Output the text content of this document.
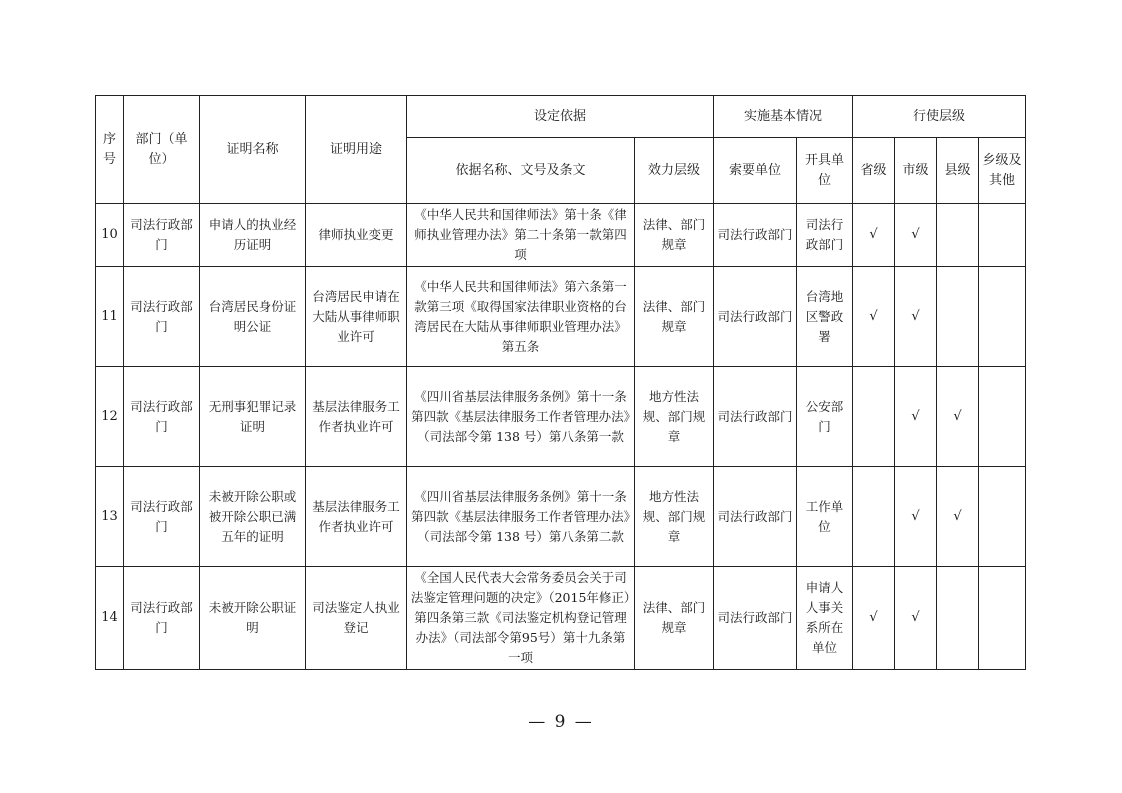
序号	部门（单位）	证明名称	证明用途	设定依据		实施基本情况		行使层级			
				依据名称、文号及条文	效力层级	索要单位	开具单位	省级	市级	县级	乡级及其他
10	司法行政部门	申请人的执业经历证明	律师执业变更	《中华人民共和国律师法》第十条《律师执业管理办法》第二十条第一款第四项	法律、部门规章	司法行政部门	司法行政部门	√	√		
11	司法行政部门	台湾居民身份证明公证	台湾居民申请在大陆从事律师职业许可	《中华人民共和国律师法》第六条第一款第三项《取得国家法律职业资格的台湾居民在大陆从事律师职业管理办法》第五条	法律、部门规章	司法行政部门	台湾地区警政署	√	√		
12	司法行政部门	无刑事犯罪记录证明	基层法律服务工作者执业许可	《四川省基层法律服务条例》第十一条第四款《基层法律服务工作者管理办法》（司法部令第 138 号）第八条第一款	地方性法规、部门规章	司法行政部门	公安部门		√	√	
13	司法行政部门	未被开除公职或被开除公职已满五年的证明	基层法律服务工作者执业许可	《四川省基层法律服务条例》第十一条第四款《基层法律服务工作者管理办法》（司法部令第 138 号）第八条第二款	地方性法规、部门规章	司法行政部门	工作单位		√	√	
14	司法行政部门	未被开除公职证明	司法鉴定人执业登记	《全国人民代表大会常务委员会关于司法鉴定管理问题的决定》（2015年修正）第四条第三款《司法鉴定机构登记管理办法》（司法部令第95号）第十九条第一项	法律、部门规章	司法行政部门	申请人人事关系所在单位	√	√		
— 9 —
